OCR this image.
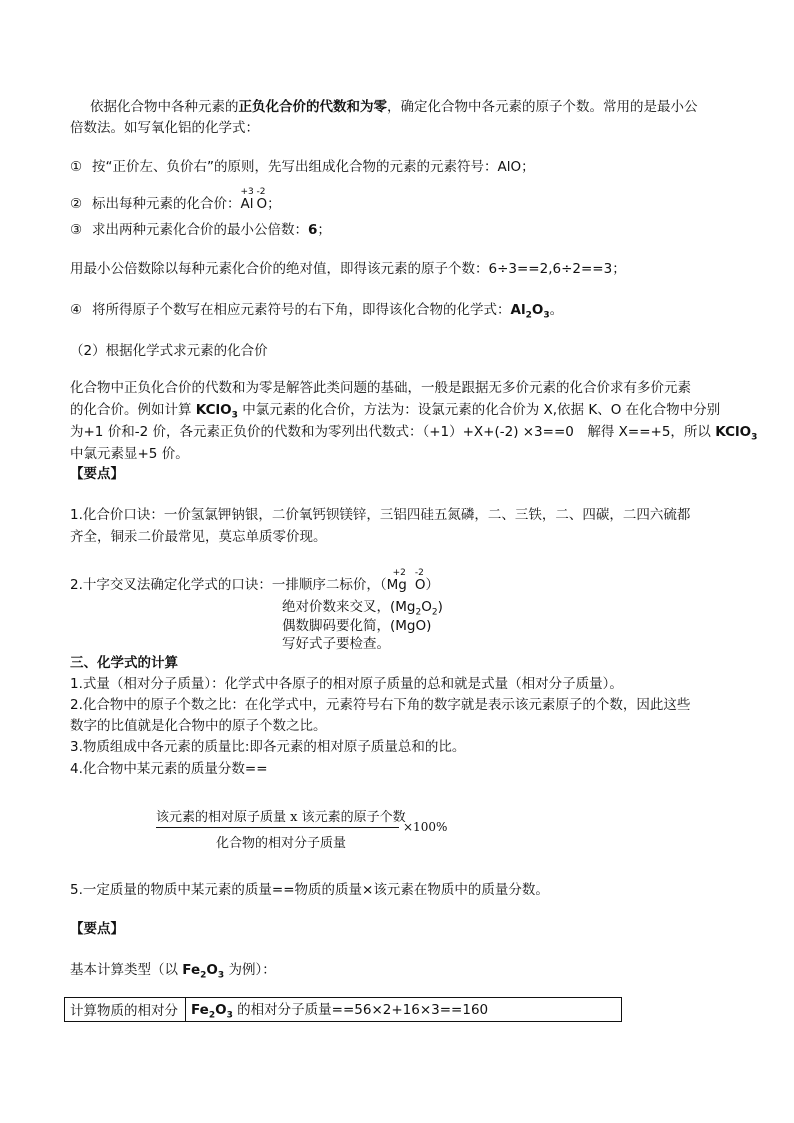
依据化合物中各种元素的正负化合价的代数和为零，确定化合物中各元素的原子个数。常用的是最小公
倍数法。如写氧化铝的化学式：
① 按“正价左、负价右”的原则，先写出组成化合物的元素的元素符号：AlO；
② 标出每种元素的化合价：
+3
Al
-2
O；
③ 求出两种元素化合价的最小公倍数：6；
用最小公倍数除以每种元素化合价的绝对值，即得该元素的原子个数：6÷3==2,6÷2==3；
④ 将所得原子个数写在相应元素符号的右下角，即得该化合物的化学式：$Al_2O_3$。
（2）根据化学式求元素的化合价
化合物中正负化合价的代数和为零是解答此类问题的基础，一般是跟据无多价元素的化合价求有多价元素
的化合价。例如计算 KClO$_3$ 中氯元素的化合价，方法为：设氯元素的化合价为 X,依据 K、O 在化合物中分别
为+1 价和-2 价，各元素正负价的代数和为零列出代数式：（+1）+X+(-2) ×3==0　解得 X==+5，所以 KClO$_3$
中氯元素显+5 价。
【要点】
1.化合价口诀：一价氢氯钾钠银，二价氧钙钡镁锌，三铝四硅五氮磷，二、三铁，二、四碳，二四六硫都
齐全，铜汞二价最常见，莫忘单质零价现。
2.十字交叉法确定化学式的口诀：一排顺序二标价，（
+2
Mg
-2
O）
绝对价数来交叉，$(Mg_2O_2)$
偶数脚码要化简，(MgO)
写好式子要检查。
三、化学式的计算
1.式量（相对分子质量）：化学式中各原子的相对原子质量的总和就是式量（相对分子质量）。
2.化合物中的原子个数之比：在化学式中，元素符号右下角的数字就是表示该元素原子的个数，因此这些
数字的比值就是化合物中的原子个数之比。
3.物质组成中各元素的质量比:即各元素的相对原子质量总和的比。
4.化合物中某元素的质量分数==
该元素的相对原子质量 x 该元素的原子个数
化合物的相对分子质量
×100%
5.一定质量的物质中某元素的质量==物质的质量×该元素在物质中的质量分数。
【要点】
基本计算类型（以 $Fe_2O_3$ 为例）：
计算物质的相对分	$Fe_2O_3$ 的相对分子质量==56×2+16×3==160
